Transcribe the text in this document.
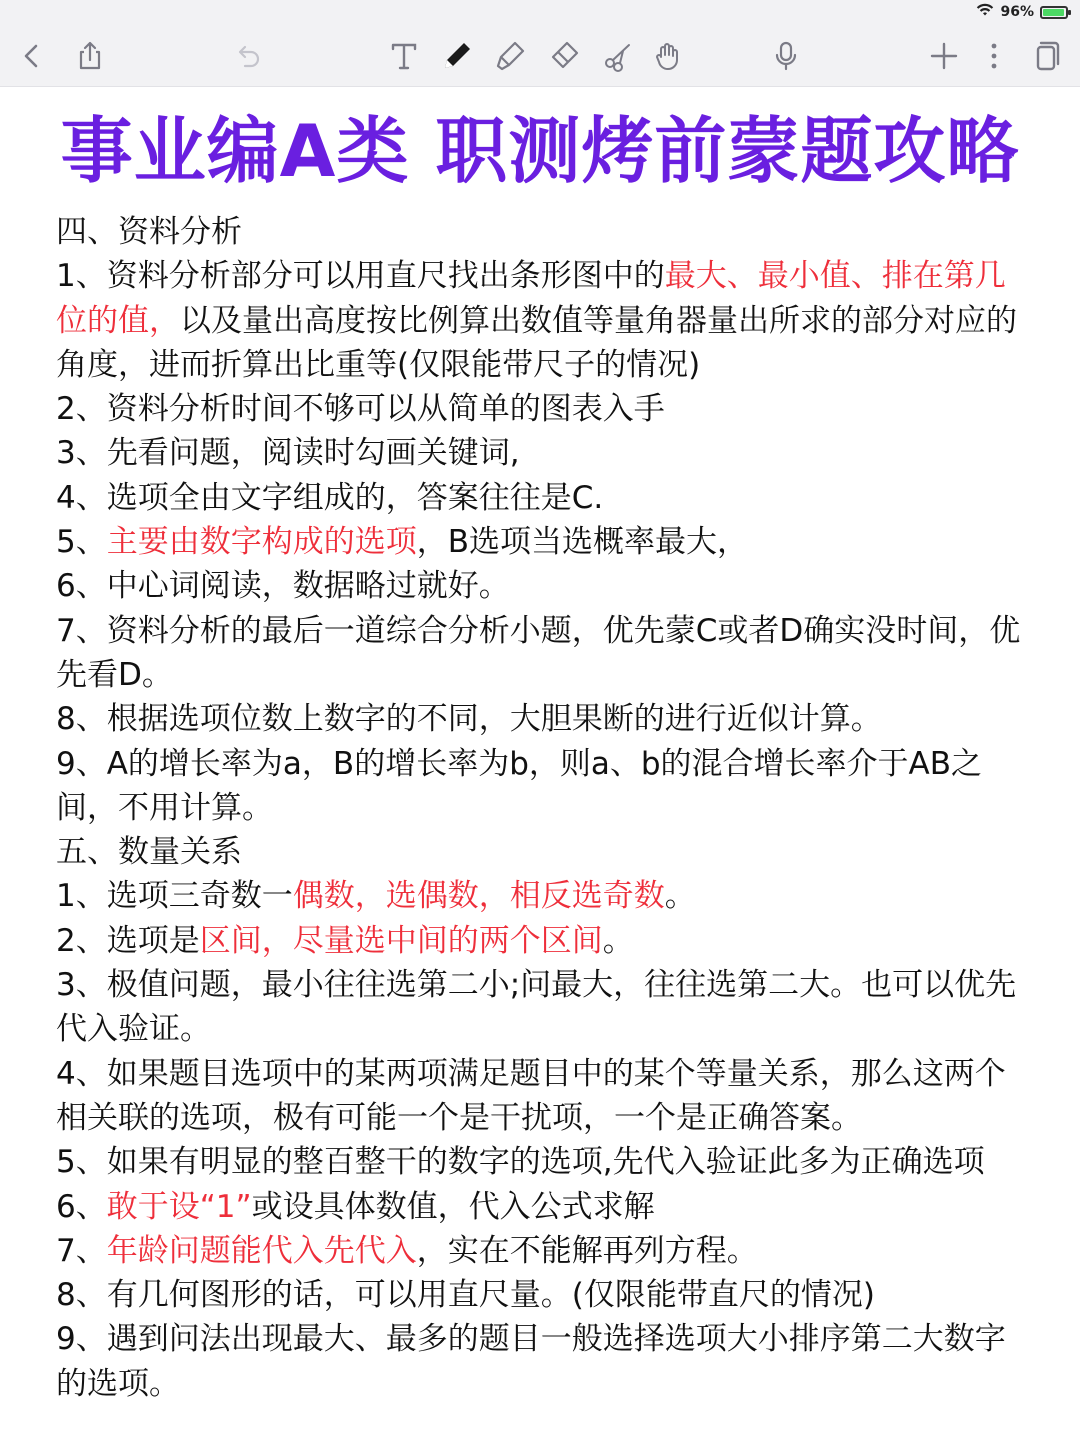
96%
事业编A类 职测烤前蒙题攻略

四、资料分析

1、资料分析部分可以用直尺找出条形图中的最大、最小值、排在第几位的值，以及量出高度按比例算出数值等量角器量出所求的部分对应的角度，进而折算出比重等(仅限能带尺子的情况)

2、资料分析时间不够可以从简单的图表入手

3、先看问题，阅读时勾画关键词,

4、选项全由文字组成的，答案往往是C.

5、主要由数字构成的选项，B选项当选概率最大，

6、中心词阅读，数据略过就好。

7、资料分析的最后一道综合分析小题，优先蒙C或者D确实没时间，优先看D。

8、根据选项位数上数字的不同，大胆果断的进行近似计算。

9、A的增长率为a，B的增长率为b，则a、b的混合增长率介于AB之间，不用计算。

五、数量关系

1、选项三奇数一偶数，选偶数，相反选奇数。

2、选项是区间，尽量选中间的两个区间。

3、极值问题，最小往往选第二小;问最大，往往选第二大。也可以优先代入验证。

4、如果题目选项中的某两项满足题目中的某个等量关系，那么这两个相关联的选项，极有可能一个是干扰项，一个是正确答案。

5、如果有明显的整百整干的数字的选项,先代入验证此多为正确选项

6、敢于设“1”或设具体数值，代入公式求解

7、年龄问题能代入先代入，实在不能解再列方程。

8、有几何图形的话，可以用直尺量。(仅限能带直尺的情况)

9、遇到问法出现最大、最多的题目一般选择选项大小排序第二大数字的选项。
